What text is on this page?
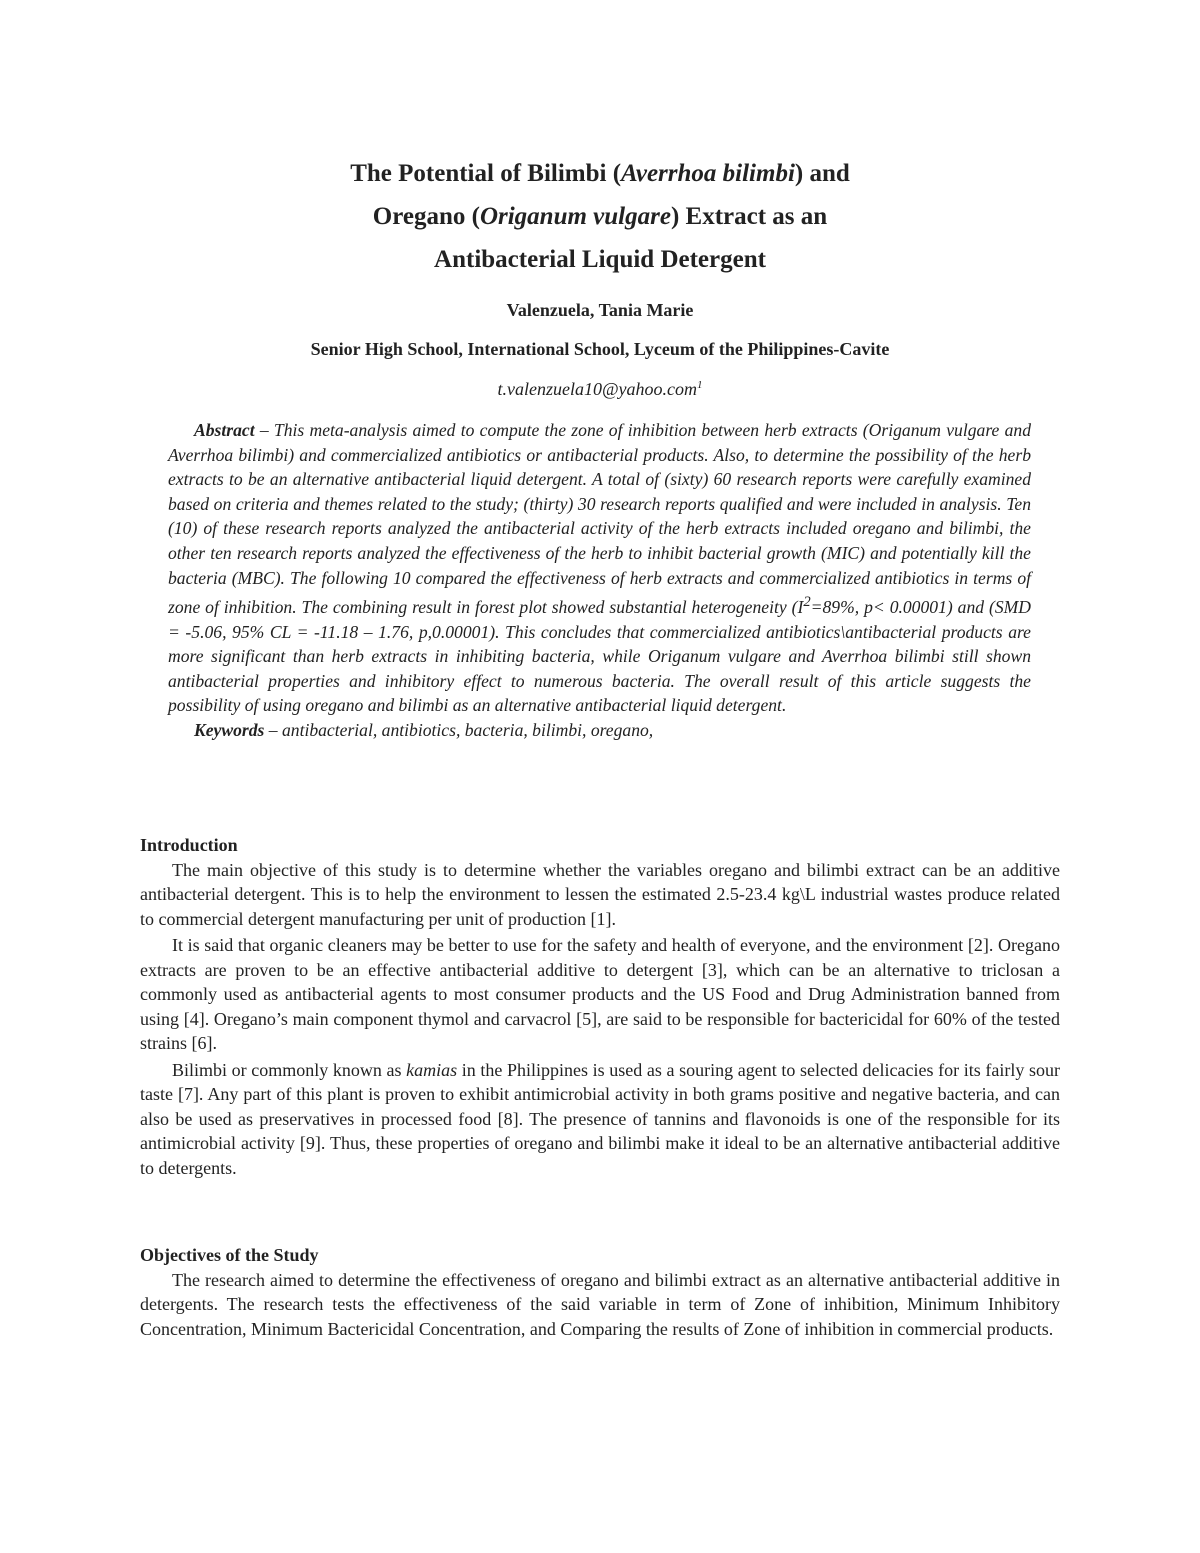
The Potential of Bilimbi (Averrhoa bilimbi) and
Oregano (Origanum vulgare) Extract as an
Antibacterial Liquid Detergent
Valenzuela, Tania Marie
Senior High School, International School, Lyceum of the Philippines-Cavite
t.valenzuela10@yahoo.com$^1$

Abstract – This meta-analysis aimed to compute the zone of inhibition between herb extracts (Origanum vulgare and Averrhoa bilimbi) and commercialized antibiotics or antibacterial products. Also, to determine the possibility of the herb extracts to be an alternative antibacterial liquid detergent. A total of (sixty) 60 research reports were carefully examined based on criteria and themes related to the study; (thirty) 30 research reports qualified and were included in analysis. Ten (10) of these research reports analyzed the antibacterial activity of the herb extracts included oregano and bilimbi, the other ten research reports analyzed the effectiveness of the herb to inhibit bacterial growth (MIC) and potentially kill the bacteria (MBC). The following 10 compared the effectiveness of herb extracts and commercialized antibiotics in terms of zone of inhibition. The combining result in forest plot showed substantial heterogeneity ($I^2=89\%$, p< 0.00001) and (SMD = -5.06, 95% CL = -11.18 – 1.76, p,0.00001). This concludes that commercialized antibiotics\antibacterial products are more significant than herb extracts in inhibiting bacteria, while Origanum vulgare and Averrhoa bilimbi still shown antibacterial properties and inhibitory effect to numerous bacteria. The overall result of this article suggests the possibility of using oregano and bilimbi as an alternative antibacterial liquid detergent.

Keywords – antibacterial, antibiotics, bacteria, bilimbi, oregano,

Introduction

The main objective of this study is to determine whether the variables oregano and bilimbi extract can be an additive antibacterial detergent. This is to help the environment to lessen the estimated 2.5-23.4 kg\L industrial wastes produce related to commercial detergent manufacturing per unit of production [1].

It is said that organic cleaners may be better to use for the safety and health of everyone, and the environment [2]. Oregano extracts are proven to be an effective antibacterial additive to detergent [3], which can be an alternative to triclosan a commonly used as antibacterial agents to most consumer products and the US Food and Drug Administration banned from using [4]. Oregano’s main component thymol and carvacrol [5], are said to be responsible for bactericidal for 60% of the tested strains [6].

Bilimbi or commonly known as kamias in the Philippines is used as a souring agent to selected delicacies for its fairly sour taste [7]. Any part of this plant is proven to exhibit antimicrobial activity in both grams positive and negative bacteria, and can also be used as preservatives in processed food [8]. The presence of tannins and flavonoids is one of the responsible for its antimicrobial activity [9]. Thus, these properties of oregano and bilimbi make it ideal to be an alternative antibacterial additive to detergents.

Objectives of the Study

The research aimed to determine the effectiveness of oregano and bilimbi extract as an alternative antibacterial additive in detergents. The research tests the effectiveness of the said variable in term of Zone of inhibition, Minimum Inhibitory Concentration, Minimum Bactericidal Concentration, and Comparing the results of Zone of inhibition in commercial products.
